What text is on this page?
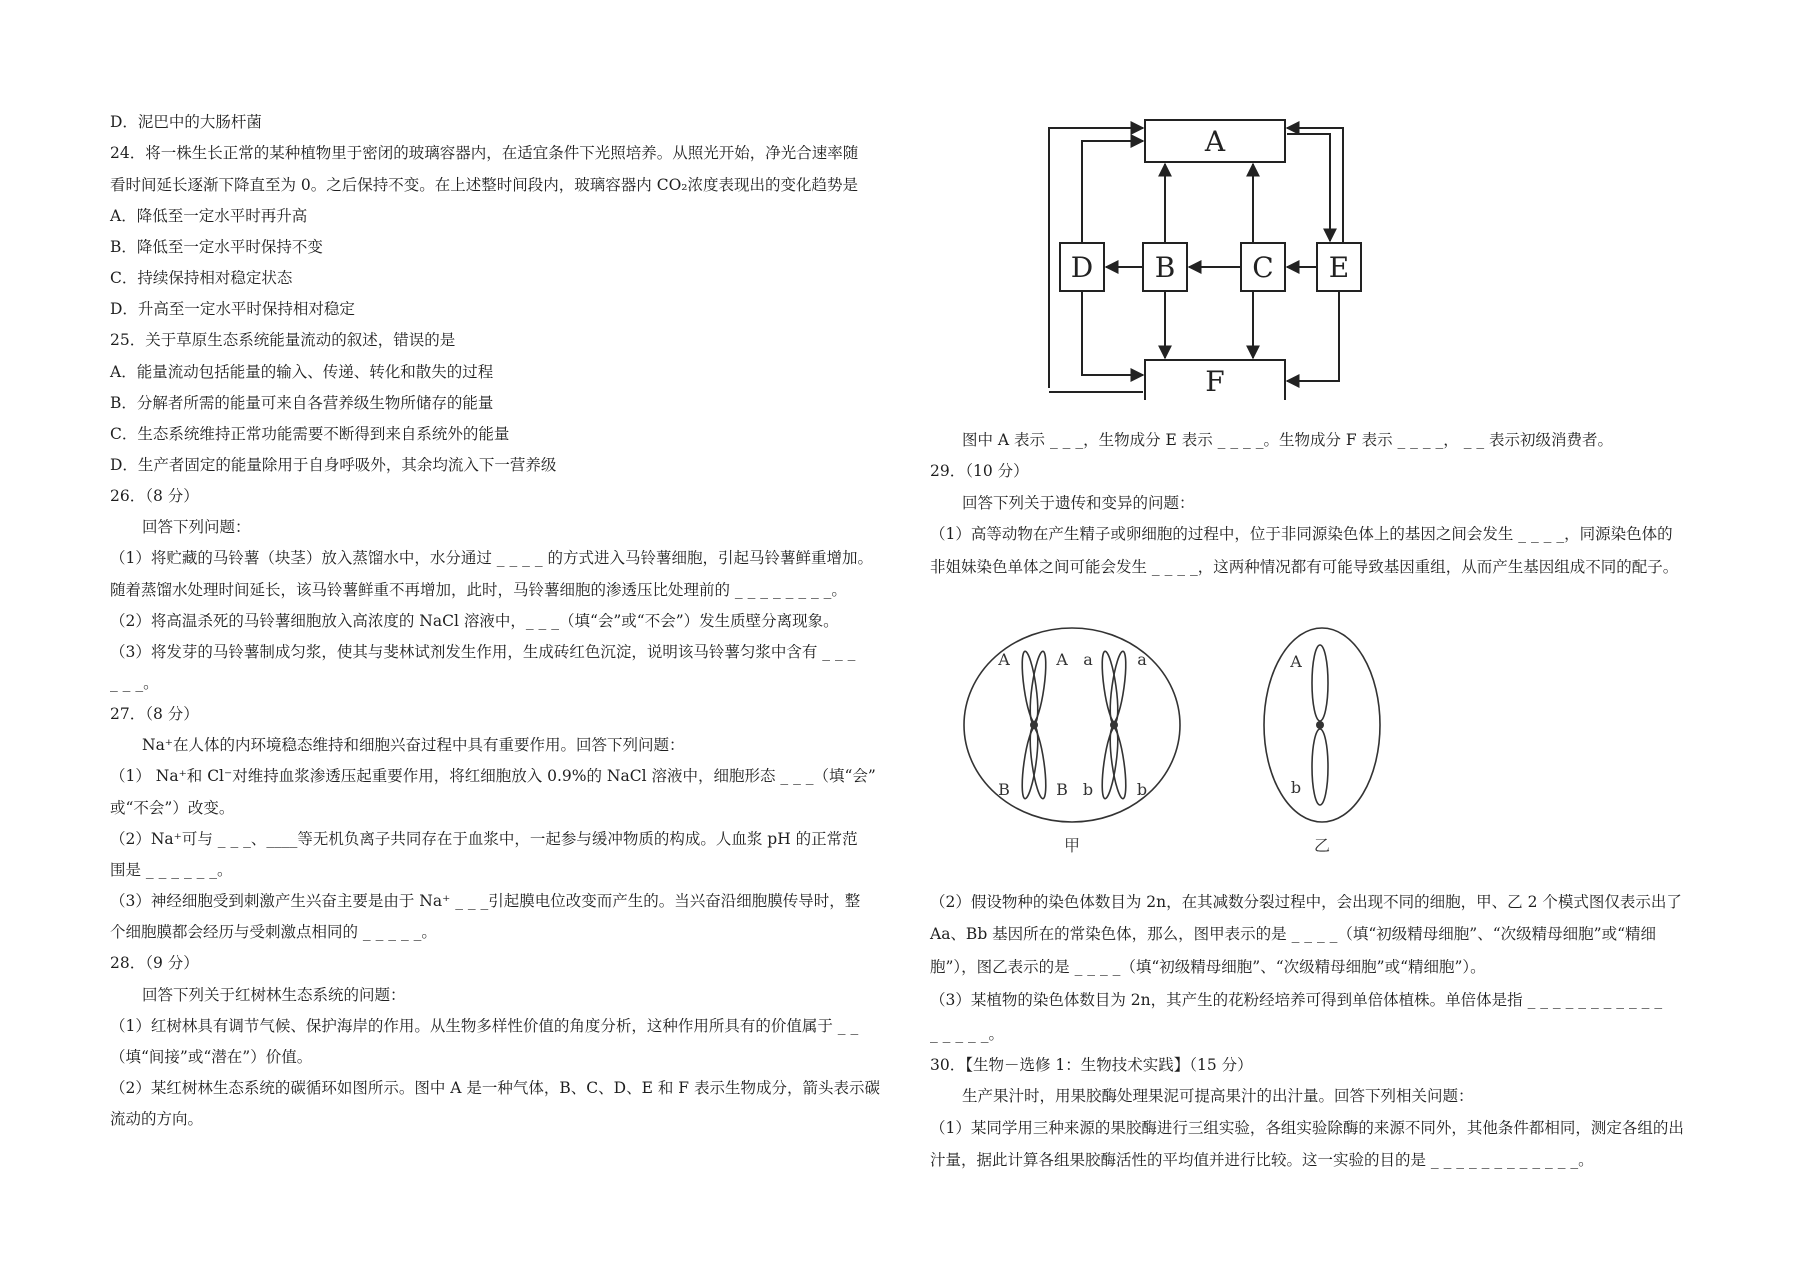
D．泥巴中的大肠杆菌
24．将一株生长正常的某种植物里于密闭的玻璃容器内，在适宜条件下光照培养。从照光开始，净光合速率随
看时间延长逐渐下降直至为 0。之后保持不变。在上述整时间段内，玻璃容器内 CO₂浓度表现出的变化趋势是
A．降低至一定水平时再升高
B．降低至一定水平时保持不变
C．持续保持相对稳定状态
D．升高至一定水平时保持相对稳定
25．关于草原生态系统能量流动的叙述，错误的是
A．能量流动包括能量的输入、传递、转化和散失的过程
B．分解者所需的能量可来自各营养级生物所储存的能量
C．生态系统维持正常功能需要不断得到来自系统外的能量
D．生产者固定的能量除用于自身呼吸外，其余均流入下一营养级
26．（8 分）
回答下列问题：
（1）将贮藏的马铃薯（块茎）放入蒸馏水中，水分通过 _ _ _ _ 的方式进入马铃薯细胞，引起马铃薯鲜重增加。
随着蒸馏水处理时间延长，该马铃薯鲜重不再增加，此时，马铃薯细胞的渗透压比处理前的 _ _ _ _ _ _ _ _。
（2）将高温杀死的马铃薯细胞放入高浓度的 NaCl 溶液中，_ _ _（填“会”或“不会”）发生质壁分离现象。
（3）将发芽的马铃薯制成匀浆，使其与斐林试剂发生作用，生成砖红色沉淀，说明该马铃薯匀浆中含有 _ _ _
_ _ _。
27．（8 分）
Na⁺在人体的内环境稳态维持和细胞兴奋过程中具有重要作用。回答下列问题：
（1） Na⁺和 Cl⁻对维持血浆渗透压起重要作用，将红细胞放入 0.9%的 NaCl 溶液中，细胞形态 _ _ _（填“会”
或“不会”）改变。
（2）Na⁺可与 _ _ _、____等无机负离子共同存在于血浆中，一起参与缓冲物质的构成。人血浆 pH 的正常范
围是 _ _ _ _ _ _。
（3）神经细胞受到刺激产生兴奋主要是由于 Na⁺ _ _ _引起膜电位改变而产生的。当兴奋沿细胞膜传导时，整
个细胞膜都会经历与受刺激点相同的 _ _ _ _ _。
28．（9 分）
回答下列关于红树林生态系统的问题：
（1）红树林具有调节气候、保护海岸的作用。从生物多样性价值的角度分析，这种作用所具有的价值属于 _ _
（填“间接”或“潜在”）价值。
（2）某红树林生态系统的碳循环如图所示。图中 A 是一种气体，B、C、D、E 和 F 表示生物成分，箭头表示碳
流动的方向。
A
B	C
D	E
F
图中 A 表示 _ _ _，生物成分 E 表示 _ _ _ _。生物成分 F 表示 _ _ _ _， _ _ 表示初级消费者。
29．（10 分）
回答下列关于遗传和变异的问题：
（1）高等动物在产生精子或卵细胞的过程中，位于非同源染色体上的基因之间会发生 _ _ _ _，同源染色体的
非姐妹染色单体之间可能会发生 _ _ _ _，这两种情况都有可能导致基因重组，从而产生基因组成不同的配子。
A	A
B	B
a	a
b	b
A
b
甲	乙
（2）假设物种的染色体数目为 2n，在其减数分裂过程中，会出现不同的细胞，甲、乙 2 个模式图仅表示出了
Aa、Bb 基因所在的常染色体，那么，图甲表示的是 _ _ _ _（填“初级精母细胞”、“次级精母细胞”或“精细
胞”），图乙表示的是 _ _ _ _（填“初级精母细胞”、“次级精母细胞”或“精细胞”）。
（3）某植物的染色体数目为 2n，其产生的花粉经培养可得到单倍体植株。单倍体是指 _ _ _ _ _ _ _ _ _ _ _
_ _ _ _ _。
30．【生物－选修 1：生物技术实践】（15 分）
生产果汁时，用果胶酶处理果泥可提高果汁的出汁量。回答下列相关问题：
（1）某同学用三种来源的果胶酶进行三组实验，各组实验除酶的来源不同外，其他条件都相同，测定各组的出
汁量，据此计算各组果胶酶活性的平均值并进行比较。这一实验的目的是 _ _ _ _ _ _ _ _ _ _ _ _。
